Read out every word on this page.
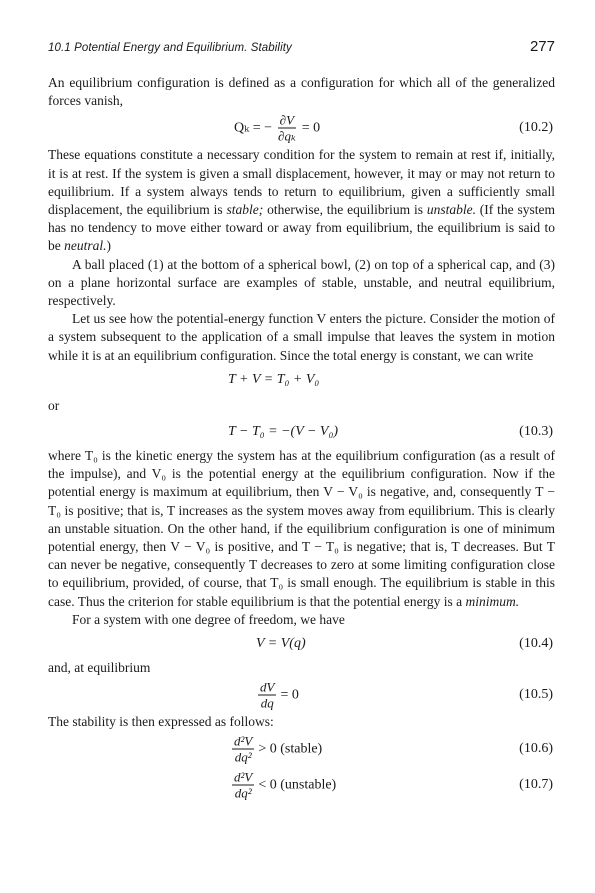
10.1 Potential Energy and Equilibrium. Stability	277

An equilibrium configuration is defined as a configuration for which all of the generalized forces vanish,

Qₖ = − $\frac{\partial V}{\text{∂qₖ}} = 0$	(10.2)

These equations constitute a necessary condition for the system to remain at rest if, initially, it is at rest. If the system is given a small displacement, however, it may or may not return to equilibrium. If a system always tends to return to equilibrium, given a sufficiently small displacement, the equilibrium is stable; otherwise, the equilibrium is unstable. (If the system has no tendency to move either toward or away from equilibrium, the equilibrium is said to be neutral.)

A ball placed (1) at the bottom of a spherical bowl, (2) on top of a spherical cap, and (3) on a plane horizontal surface are examples of stable, unstable, and neutral equilibrium, respectively.

Let us see how the potential-energy function V enters the picture. Consider the motion of a system subsequent to the application of a small impulse that leaves the system in motion while it is at an equilibrium configuration. Since the total energy is constant, we can write

T + V = T₀ + V₀

or

T − T₀ = −(V − V₀)	(10.3)

where T₀ is the kinetic energy the system has at the equilibrium configuration (as a result of the impulse), and V₀ is the potential energy at the equilibrium configuration. Now if the potential energy is maximum at equilibrium, then V − V₀ is negative, and, consequently T − T₀ is positive; that is, T increases as the system moves away from equilibrium. This is clearly an unstable situation. On the other hand, if the equilibrium configuration is one of minimum potential energy, then V − V₀ is positive, and T − T₀ is negative; that is, T decreases. But T can never be negative, consequently T decreases to zero at some limiting configuration close to equilibrium, provided, of course, that T₀ is small enough. The equilibrium is stable in this case. Thus the criterion for stable equilibrium is that the potential energy is a minimum.

For a system with one degree of freedom, we have

V = V(q)	(10.4)

and, at equilibrium

$\frac{dV}{dq} = 0$	(10.5)

The stability is then expressed as follows:

$\frac{\text{d²V}}{\text{dq²}} > 0$ (stable)	(10.6)
$\frac{\text{d²V}}{\text{dq²}} < 0$ (unstable)	(10.7)
